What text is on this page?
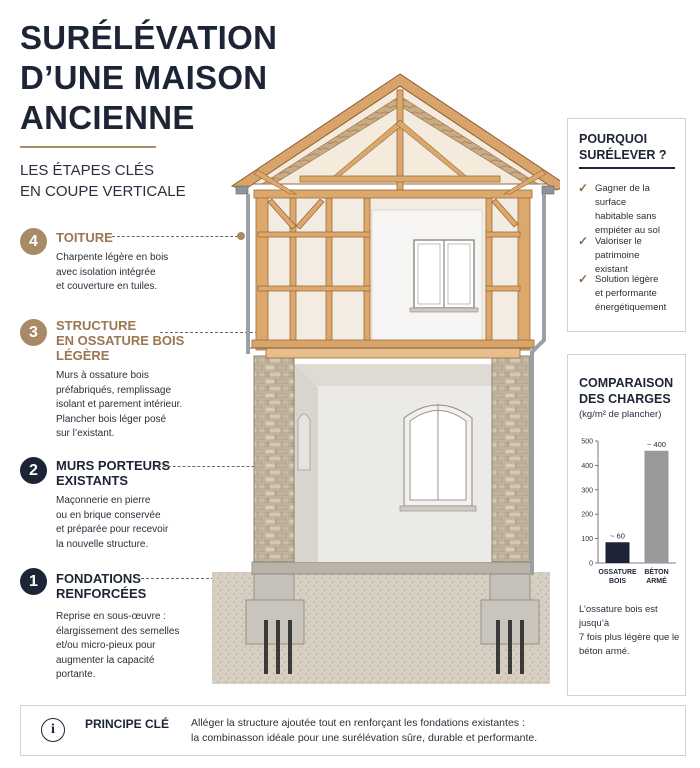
SURÉLÉVATION
D’UNE MAISON
ANCIENNE
LES ÉTAPES CLÉS
EN COUPE VERTICALE
4	TOITURE
Charpente légère en bois
avec isolation intégrée
et couverture en tuiles.
3	STRUCTURE
EN OSSATURE BOIS
LÉGÈRE
Murs à ossature bois
préfabriqués, remplissage
isolant et parement intérieur.
Plancher bois léger posé
sur l’existant.
2	MURS PORTEURS
EXISTANTS
Maçonnerie en pierre
ou en brique conservée
et préparée pour recevoir
la nouvelle structure.
1	FONDATIONS
RENFORCÉES
Reprise en sous-œuvre :
élargissement des semelles
et/ou micro-pieux pour
augmenter la capacité
portante.
POURQUOI
SURÉLEVER ?
✓ Gagner de la surface
habitable sans
empiéter au sol
✓ Valoriser le patrimoine
existant
✓ Solution légère
et performante
énergétiquement
COMPARAISON
DES CHARGES
(kg/m² de plancher)
0
100
200
300
400
500
~ 60
OSSATURE
BOIS
~ 400
BÉTON
ARMÉ
L’ossature bois est jusqu’à
7 fois plus légère que le
béton armé.
i	PRINCIPE CLÉ Alléger la structure ajoutée tout en renforçant les fondations existantes :
la combinasson idéale pour une surélévation sûre, durable et performante.
